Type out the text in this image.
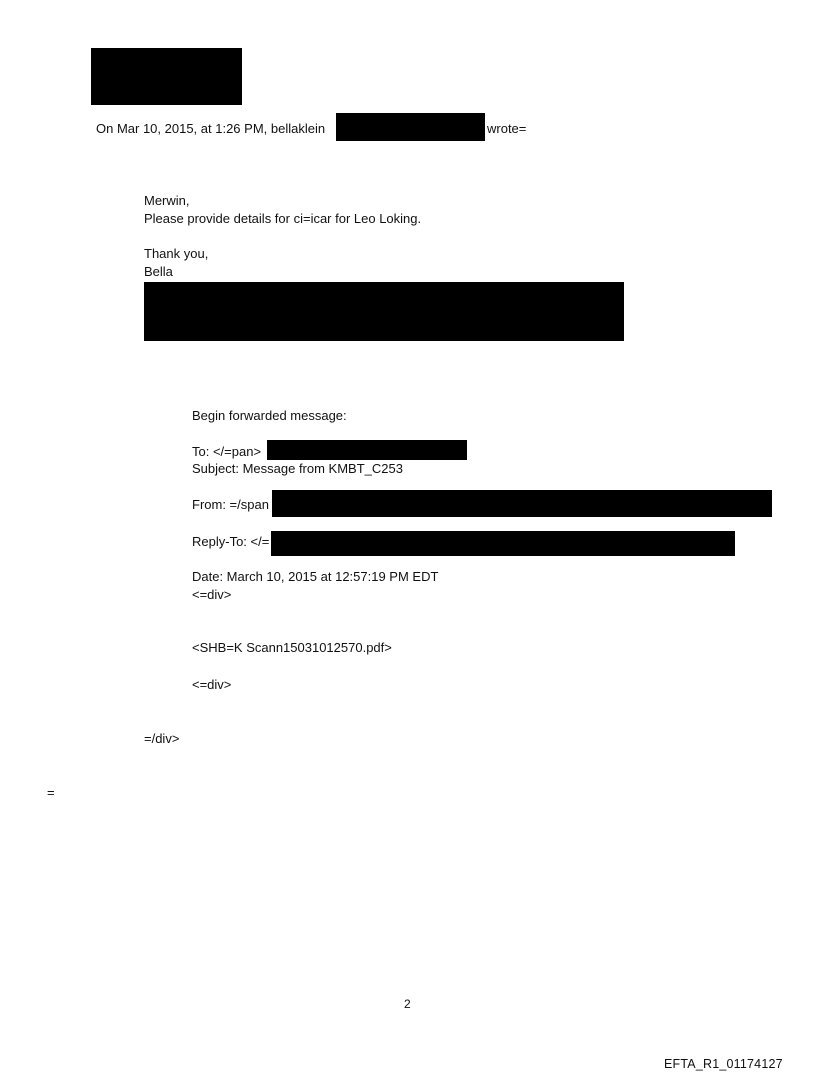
On Mar 10, 2015, at 1:26 PM, bellaklein	wrote=
Merwin,
Please provide details for ci=icar for Leo Loking.
Thank you,
Bella
Begin forwarded message:
To: </=pan>
Subject: Message from KMBT_C253
From: =/span
Reply-To: </=
Date: March 10, 2015 at 12:57:19 PM EDT
<=div>
<SHB=K Scann15031012570.pdf>
<=div>
=/div>
=
2
EFTA_R1_01174127
